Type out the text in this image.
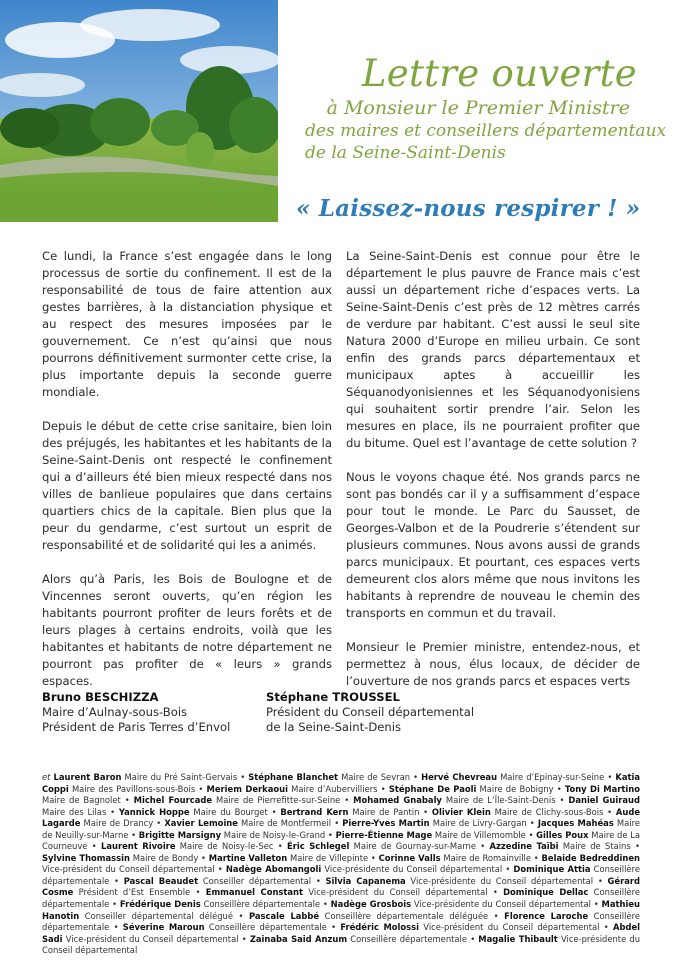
Lettre ouverte
à Monsieur le Premier Ministre
des maires et conseillers départementaux
de la Seine-Saint-Denis
« Laissez-nous respirer ! »

Ce lundi, la France s’est engagée dans le long processus de sortie du confinement. Il est de la responsabilité de tous de faire attention aux gestes barrières, à la distanciation physique et au respect des mesures imposées par le gouvernement. Ce n’est qu’ainsi que nous pourrons définitivement surmonter cette crise, la plus importante depuis la seconde guerre mondiale.

Depuis le début de cette crise sanitaire, bien loin des préjugés, les habitantes et les habitants de la Seine-Saint-Denis ont respecté le confinement qui a d’ailleurs été bien mieux respecté dans nos villes de banlieue populaires que dans certains quartiers chics de la capitale. Bien plus que la peur du gendarme, c’est surtout un esprit de responsabilité et de solidarité qui les a animés.

Alors qu’à Paris, les Bois de Boulogne et de Vincennes seront ouverts, qu’en région les habitants pourront profiter de leurs forêts et de leurs plages à certains endroits, voilà que les habitantes et habitants de notre département ne pourront pas profiter de « leurs » grands espaces.

La Seine-Saint-Denis est connue pour être le département le plus pauvre de France mais c’est aussi un département riche d’espaces verts. La Seine-Saint-Denis c’est près de 12 mètres carrés de verdure par habitant. C’est aussi le seul site Natura 2000 d’Europe en milieu urbain. Ce sont enfin des grands parcs départementaux et municipaux aptes à accueillir les Séquanodyonisiennes et les Séquanodyonisiens qui souhaitent sortir prendre l’air. Selon les mesures en place, ils ne pourraient profiter que du bitume. Quel est l’avantage de cette solution ?

Nous le voyons chaque été. Nos grands parcs ne sont pas bondés car il y a suffisamment d’espace pour tout le monde. Le Parc du Sausset, de Georges-Valbon et de la Poudrerie s’étendent sur plusieurs communes. Nous avons aussi de grands parcs municipaux. Et pourtant, ces espaces verts demeurent clos alors même que nous invitons les habitants à reprendre de nouveau le chemin des transports en commun et du travail.

Monsieur le Premier ministre, entendez-nous, et permettez à nous, élus locaux, de décider de l’ouverture de nos grands parcs et espaces verts

Bruno BESCHIZZA
Maire d’Aulnay-sous-Bois
Président de Paris Terres d’Envol
Stéphane TROUSSEL
Président du Conseil départemental
de la Seine-Saint-Denis
et Laurent Baron Maire du Pré Saint-Gervais • Stéphane Blanchet Maire de Sevran • Hervé Chevreau Maire d’Epinay-sur-Seine • Katia Coppi Maire des Pavillons-sous-Bois • Meriem Derkaoui Maire d’Aubervilliers • Stéphane De Paoli Maire de Bobigny • Tony Di Martino Maire de Bagnolet • Michel Fourcade Maire de Pierrefitte-sur-Seine • Mohamed Gnabaly Maire de L’Île-Saint-Denis • Daniel Guiraud Maire des Lilas • Yannick Hoppe Maire du Bourget • Bertrand Kern Maire de Pantin • Olivier Klein Maire de Clichy-sous-Bois • Aude Lagarde Maire de Drancy • Xavier Lemoine Maire de Montfermeil • Pierre-Yves Martin Maire de Livry-Gargan • Jacques Mahéas Maire de Neuilly-sur-Marne • Brigitte Marsigny Maire de Noisy-le-Grand • Pierre-Étienne Mage Maire de Villemomble • Gilles Poux Maire de La Courneuve • Laurent Rivoire Maire de Noisy-le-Sec • Éric Schlegel Maire de Gournay-sur-Marne • Azzedine Taïbi Maire de Stains • Sylvine Thomassin Maire de Bondy • Martine Valleton Maire de Villepinte • Corinne Valls Maire de Romainville • Belaide Bedreddinen Vice-président du Conseil départemental • Nadège Abomangoli Vice-présidente du Conseil départemental • Dominique Attia Conseillère départementale • Pascal Beaudet Conseiller départemental • Silvia Capanema Vice-présidente du Conseil départemental • Gérard Cosme Président d’Est Ensemble • Emmanuel Constant Vice-président du Conseil départemental • Dominique Dellac Conseillère départementale • Frédérique Denis Conseillère départementale • Nadège Grosbois Vice-présidente du Conseil départemental • Mathieu Hanotin Conseiller départemental délégué • Pascale Labbé Conseillère départementale déléguée • Florence Laroche Conseillère départementale • Séverine Maroun Conseillère départementale • Frédéric Molossi Vice-président du Conseil départemental • Abdel Sadi Vice-président du Conseil départemental • Zainaba Said Anzum Conseillère départementale • Magalie Thibault Vice-présidente du Conseil départemental
